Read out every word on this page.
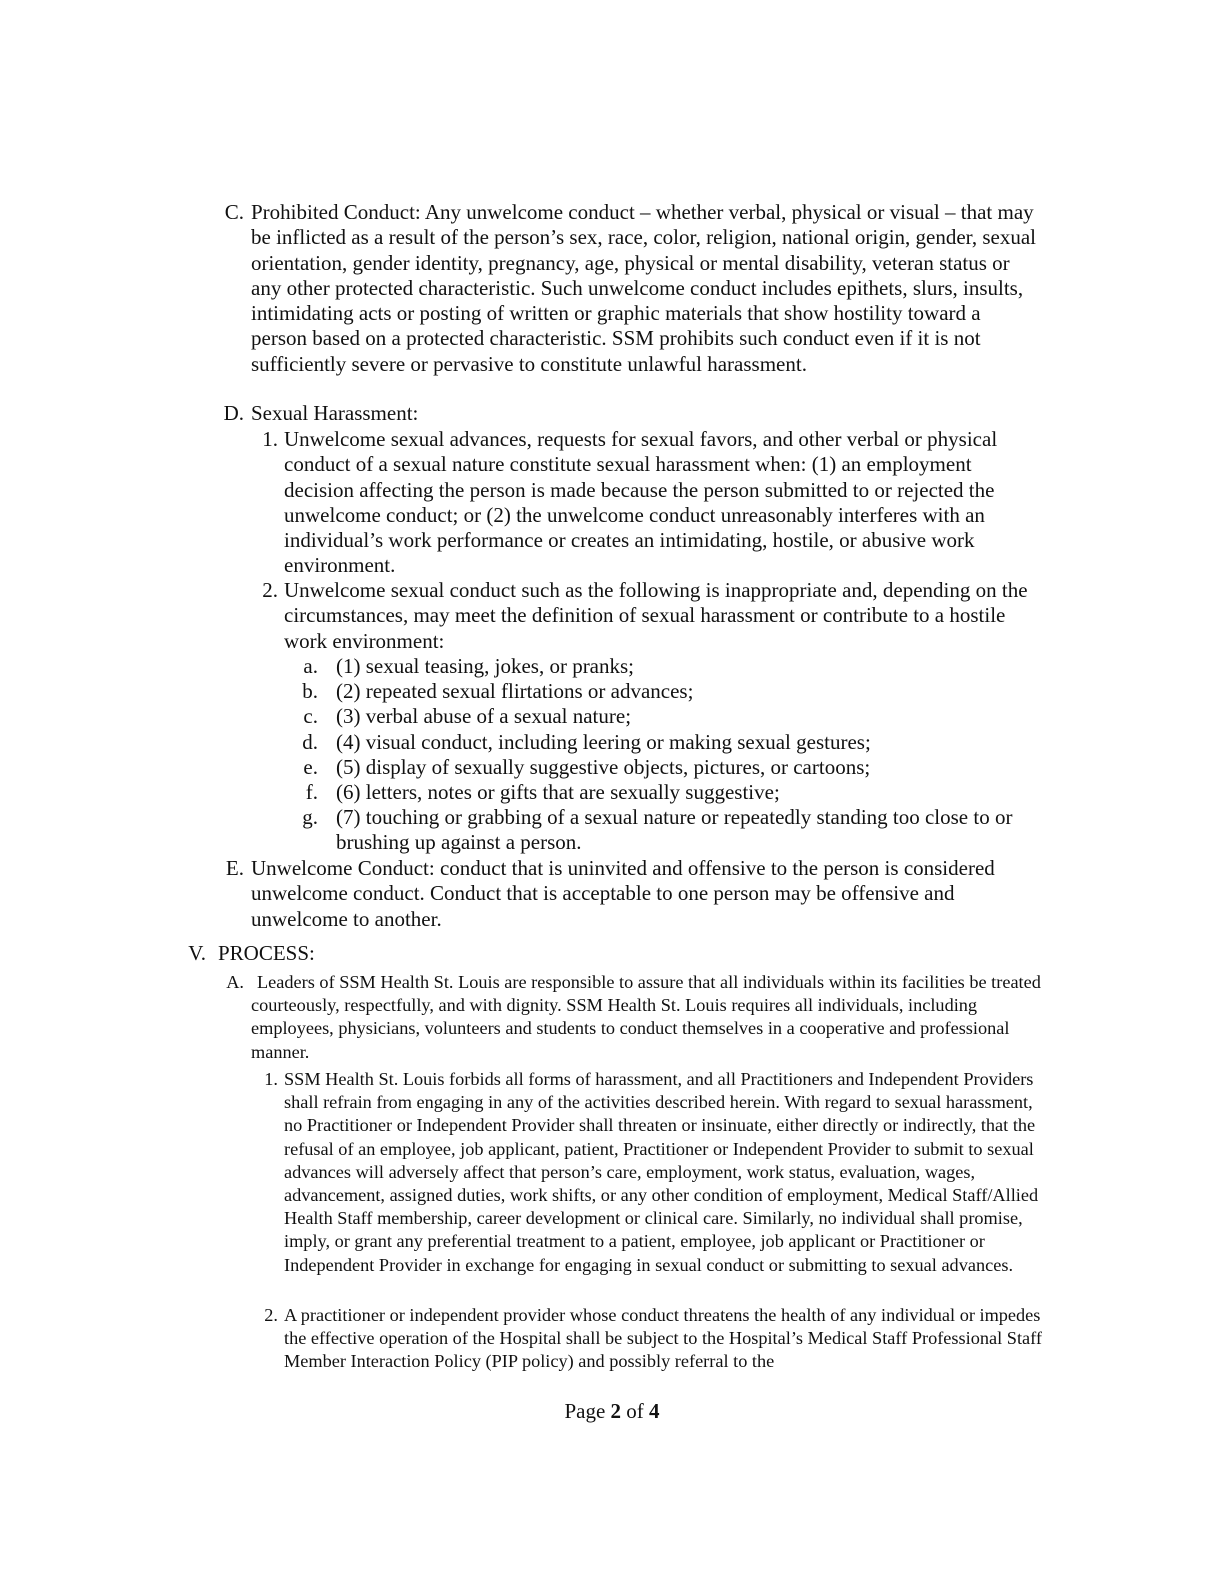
C. Prohibited Conduct: Any unwelcome conduct – whether verbal, physical or visual – that may be inflicted as a result of the person’s sex, race, color, religion, national origin, gender, sexual orientation, gender identity, pregnancy, age, physical or mental disability, veteran status or any other protected characteristic. Such unwelcome conduct includes epithets, slurs, insults, intimidating acts or posting of written or graphic materials that show hostility toward a person based on a protected characteristic. SSM prohibits such conduct even if it is not sufficiently severe or pervasive to constitute unlawful harassment.
D. Sexual Harassment:
1. Unwelcome sexual advances, requests for sexual favors, and other verbal or physical conduct of a sexual nature constitute sexual harassment when: (1) an employment decision affecting the person is made because the person submitted to or rejected the unwelcome conduct; or (2) the unwelcome conduct unreasonably interferes with an individual’s work performance or creates an intimidating, hostile, or abusive work environment.
2. Unwelcome sexual conduct such as the following is inappropriate and, depending on the circumstances, may meet the definition of sexual harassment or contribute to a hostile work environment:
a. (1) sexual teasing, jokes, or pranks;
b. (2) repeated sexual flirtations or advances;
c. (3) verbal abuse of a sexual nature;
d. (4) visual conduct, including leering or making sexual gestures;
e. (5) display of sexually suggestive objects, pictures, or cartoons;
f. (6) letters, notes or gifts that are sexually suggestive;
g. (7) touching or grabbing of a sexual nature or repeatedly standing too close to or brushing up against a person.
E. Unwelcome Conduct: conduct that is uninvited and offensive to the person is considered unwelcome conduct. Conduct that is acceptable to one person may be offensive and unwelcome to another.
V. PROCESS:
A. Leaders of SSM Health St. Louis are responsible to assure that all individuals within its facilities be treated courteously, respectfully, and with dignity. SSM Health St. Louis requires all individuals, including employees, physicians, volunteers and students to conduct themselves in a cooperative and professional manner.
1. SSM Health St. Louis forbids all forms of harassment, and all Practitioners and Independent Providers shall refrain from engaging in any of the activities described herein. With regard to sexual harassment, no Practitioner or Independent Provider shall threaten or insinuate, either directly or indirectly, that the refusal of an employee, job applicant, patient, Practitioner or Independent Provider to submit to sexual advances will adversely affect that person’s care, employment, work status, evaluation, wages, advancement, assigned duties, work shifts, or any other condition of employment, Medical Staff/Allied Health Staff membership, career development or clinical care. Similarly, no individual shall promise, imply, or grant any preferential treatment to a patient, employee, job applicant or Practitioner or Independent Provider in exchange for engaging in sexual conduct or submitting to sexual advances.
2. A practitioner or independent provider whose conduct threatens the health of any individual or impedes the effective operation of the Hospital shall be subject to the Hospital’s Medical Staff Professional Staff Member Interaction Policy (PIP policy) and possibly referral to the
Page 2 of 4
